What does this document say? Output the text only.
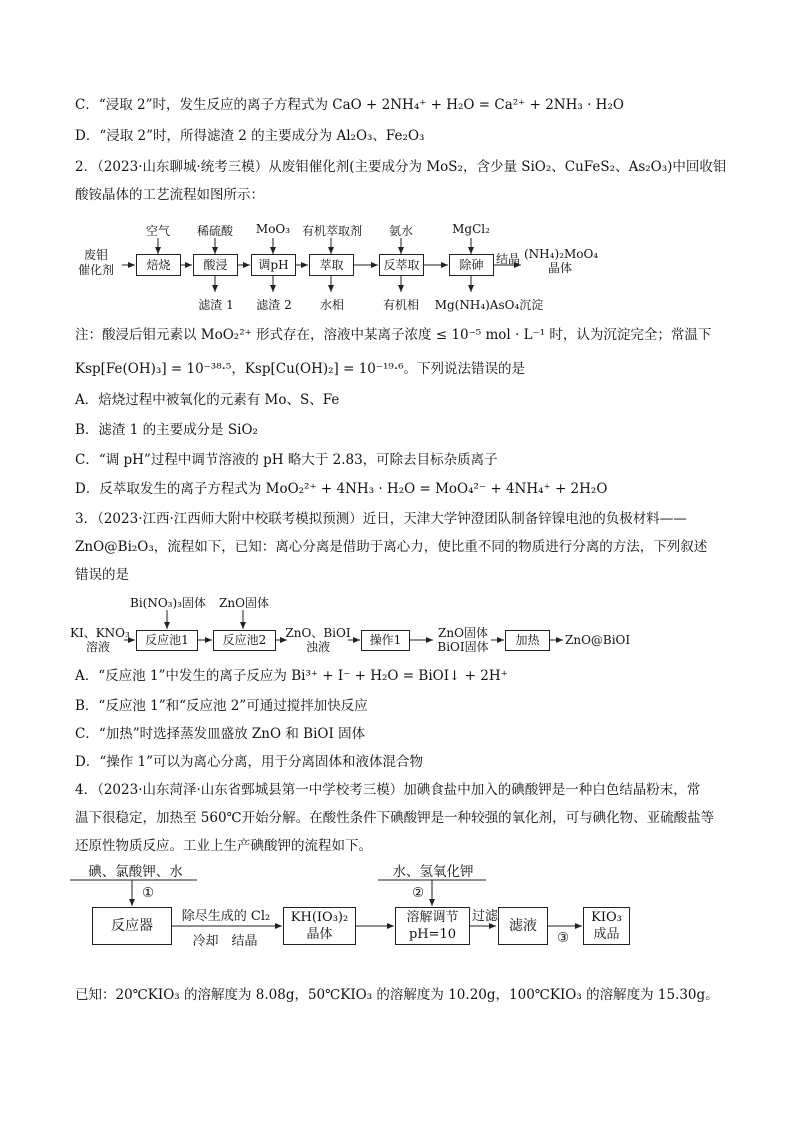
C．“浸取 2”时，发生反应的离子方程式为 CaO + 2NH₄⁺ + H₂O = Ca²⁺ + 2NH₃ · H₂O
D．“浸取 2”时，所得滤渣 2 的主要成分为 Al₂O₃、Fe₂O₃
2．（2023·山东聊城·统考三模）从废钼催化剂(主要成分为 MoS₂，含少量 SiO₂、CuFeS₂、As₂O₃)中回收钼
酸铵晶体的工艺流程如图所示：
废钼
催化剂	焙烧	酸浸	调pH	萃取	反萃取	除砷
空气	稀硫酸	MoO₃ 有机萃取剂	氨水	MgCl₂
滤渣 1 滤渣 2	水相	有机相 Mg(NH₄)AsO₄沉淀
结晶 (NH₄)₂MoO₄
晶体
注：酸浸后钼元素以 MoO₂²⁺ 形式存在，溶液中某离子浓度 ≤ 10⁻⁵ mol · L⁻¹ 时，认为沉淀完全；常温下
Ksp[Fe(OH)₃] = 10⁻³⁸·⁵，Ksp[Cu(OH)₂] = 10⁻¹⁹·⁶。下列说法错误的是
A．焙烧过程中被氧化的元素有 Mo、S、Fe
B．滤渣 1 的主要成分是 SiO₂
C．“调 pH”过程中调节溶液的 pH 略大于 2.83，可除去目标杂质离子
D．反萃取发生的离子方程式为 MoO₂²⁺ + 4NH₃ · H₂O = MoO₄²⁻ + 4NH₄⁺ + 2H₂O
3．（2023·江西·江西师大附中校联考模拟预测）近日，天津大学钟澄团队制备锌镍电池的负极材料——
ZnO@Bi₂O₃，流程如下，已知：离心分离是借助于离心力，使比重不同的物质进行分离的方法，下列叙述
错误的是
KI、KNO₃
溶液
Bi(NO₃)₃固体	ZnO固体
反应池1	反应池2	ZnO、BiOI
浊液	操作1	ZnO固体
BiOI固体	加热	ZnO@BiOI
A．“反应池 1”中发生的离子反应为 Bi³⁺ + I⁻ + H₂O = BiOI↓ + 2H⁺
B．“反应池 1”和“反应池 2”可通过搅拌加快反应
C．“加热”时选择蒸发皿盛放 ZnO 和 BiOI 固体
D．“操作 1”可以为离心分离，用于分离固体和液体混合物
4．（2023·山东菏泽·山东省鄄城县第一中学校考三模）加碘食盐中加入的碘酸钾是一种白色结晶粉末，常
温下很稳定，加热至 560℃开始分解。在酸性条件下碘酸钾是一种较强的氧化剂，可与碘化物、亚硫酸盐等
还原性物质反应。工业上生产碘酸钾的流程如下。
碘、氯酸钾、水
①
反应器
除尽生成的 Cl₂
冷却　结晶
KH(IO₃)₂
晶体
水、氢氧化钾
②
溶解调节
pH=10
过滤
滤液
③
KIO₃
成品
已知：20℃KIO₃ 的溶解度为 8.08g，50℃KIO₃ 的溶解度为 10.20g，100℃KIO₃ 的溶解度为 15.30g。
